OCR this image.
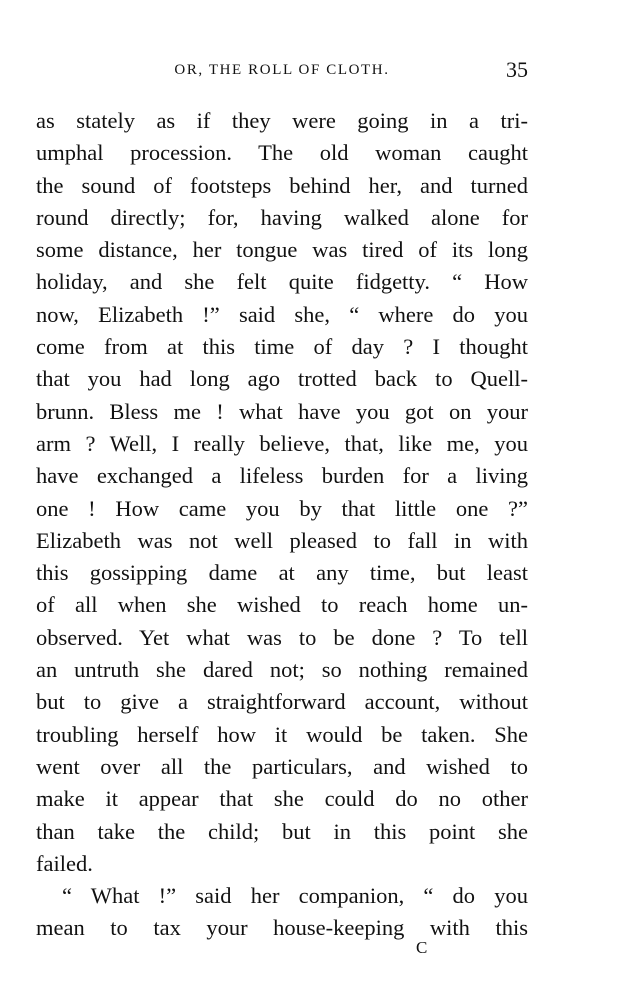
OR, THE ROLL OF CLOTH.	35
as stately as if they were going in a tri-
umphal procession. The old woman caught
the sound of footsteps behind her, and turned
round directly; for, having walked alone for
some distance, her tongue was tired of its long
holiday, and she felt quite fidgetty. “ How
now, Elizabeth !” said she, “ where do you
come from at this time of day ? I thought
that you had long ago trotted back to Quell-
brunn. Bless me ! what have you got on your
arm ? Well, I really believe, that, like me, you
have exchanged a lifeless burden for a living
one ! How came you by that little one ?”
Elizabeth was not well pleased to fall in with
this gossipping dame at any time, but least
of all when she wished to reach home un-
observed. Yet what was to be done ? To tell
an untruth she dared not; so nothing remained
but to give a straightforward account, without
troubling herself how it would be taken. She
went over all the particulars, and wished to
make it appear that she could do no other
than take the child; but in this point she
failed.
“ What !” said her companion, “ do you
mean to tax your house-keeping with this
C
